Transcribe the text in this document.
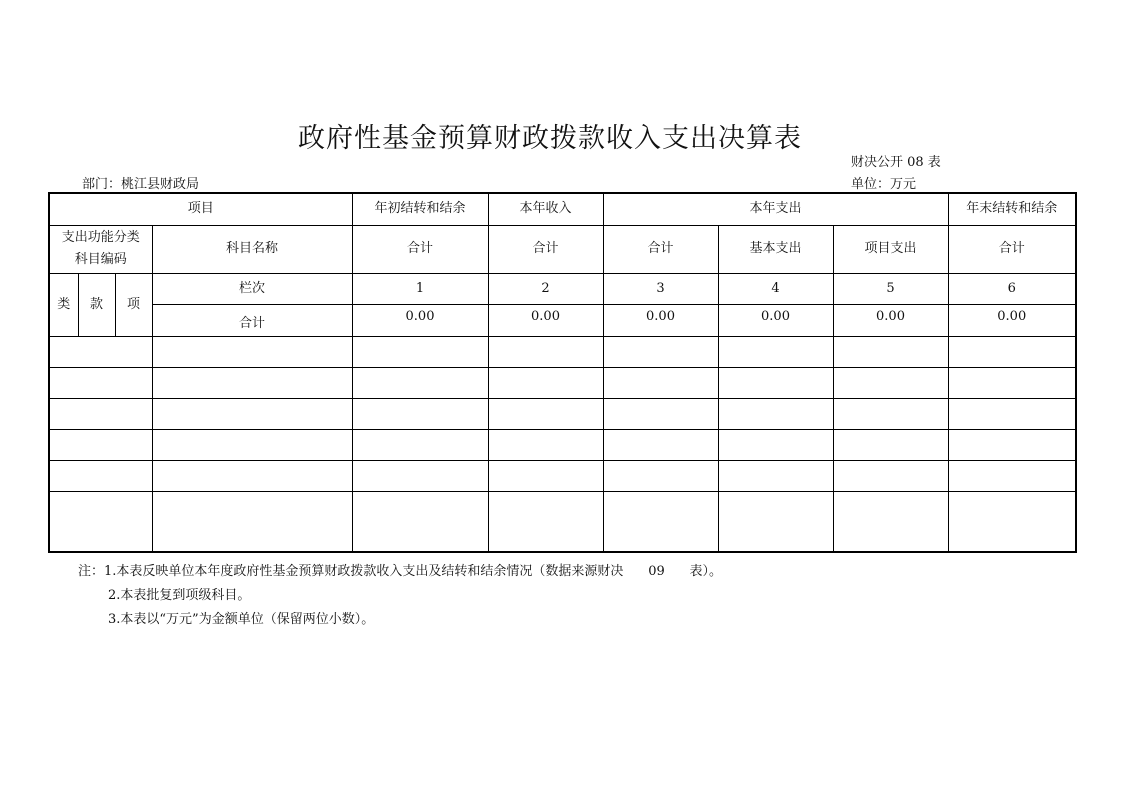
政府性基金预算财政拨款收入支出决算表
财决公开 08 表
部门：桃江县财政局	单位：万元
项目				年初结转和结余	本年收入	本年支出			年末结转和结余
支出功能分类
科目编码			科目名称	合计	合计	合计	基本支出	项目支出	合计
类	款	项	栏次	1	2	3	4	5	6
			合计	0.00	0.00	0.00	0.00	0.00	0.00

注：1.本表反映单位本年度政府性基金预算财政拨款收入支出及结转和结余情况（数据来源财决      09      表）。
2.本表批复到项级科目。
3.本表以“万元”为金额单位（保留两位小数）。
